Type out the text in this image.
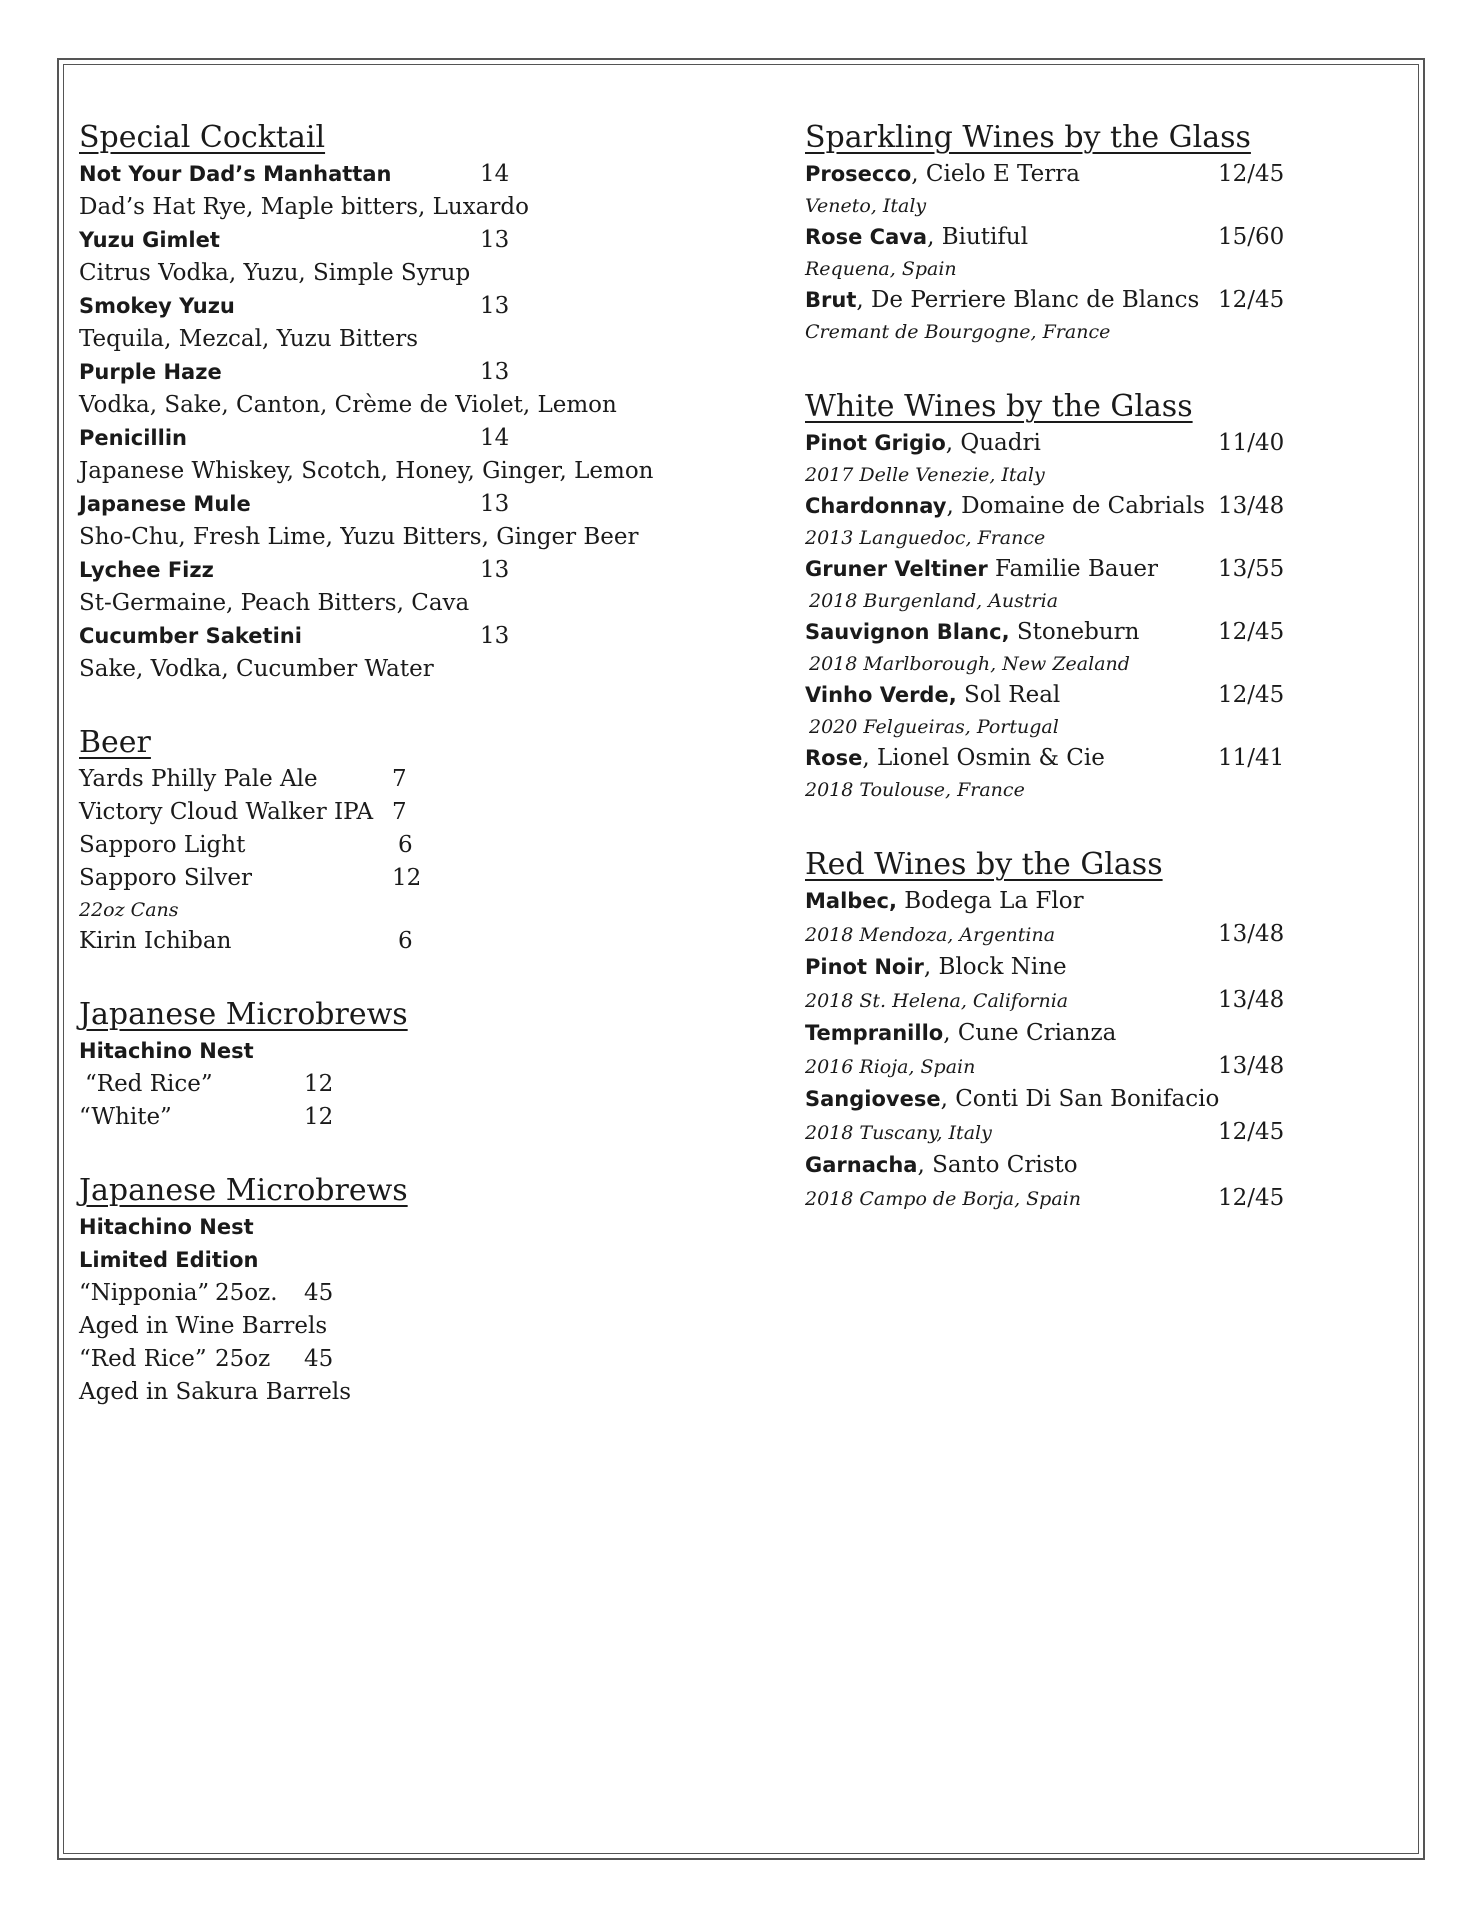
Special Cocktail
Not Your Dad’s Manhattan	14
Dad’s Hat Rye, Maple bitters, Luxardo
Yuzu Gimlet	13
Citrus Vodka, Yuzu, Simple Syrup
Smokey Yuzu	13
Tequila, Mezcal, Yuzu Bitters
Purple Haze	13
Vodka, Sake, Canton, Crème de Violet, Lemon
Penicillin	14
Japanese Whiskey, Scotch, Honey, Ginger, Lemon
Japanese Mule	13
Sho-Chu, Fresh Lime, Yuzu Bitters, Ginger Beer
Lychee Fizz	13
St-Germaine, Peach Bitters, Cava
Cucumber Saketini	13
Sake, Vodka, Cucumber Water
Beer
Yards Philly Pale Ale	7
Victory Cloud Walker IPA 7
Sapporo Light	6
Sapporo Silver	12
22oz Cans
Kirin Ichiban	6
Japanese Microbrews
Hitachino Nest
“Red Rice”	12
“White”	12
Japanese Microbrews
Hitachino Nest
Limited Edition
“Nipponia” 25oz. 45
Aged in Wine Barrels
“Red Rice” 25oz 45
Aged in Sakura Barrels
Sparkling Wines by the Glass
Prosecco, Cielo E Terra	12/45
Veneto, Italy
Rose Cava, Biutiful	15/60
Requena, Spain
Brut, De Perriere Blanc de Blancs 12/45
Cremant de Bourgogne, France
White Wines by the Glass
Pinot Grigio, Quadri	11/40
2017 Delle Venezie, Italy
Chardonnay, Domaine de Cabrials 13/48
2013 Languedoc, France
Gruner Veltiner Familie Bauer	13/55
2018 Burgenland, Austria
Sauvignon Blanc, Stoneburn	12/45
2018 Marlborough, New Zealand
Vinho Verde, Sol Real	12/45
2020 Felgueiras, Portugal
Rose, Lionel Osmin & Cie	11/41
2018 Toulouse, France
Red Wines by the Glass
Malbec, Bodega La Flor
2018 Mendoza, Argentina	13/48
Pinot Noir, Block Nine
2018 St. Helena, California	13/48
Tempranillo, Cune Crianza
2016 Rioja, Spain	13/48
Sangiovese, Conti Di San Bonifacio
2018 Tuscany, Italy	12/45
Garnacha, Santo Cristo
2018 Campo de Borja, Spain	12/45
